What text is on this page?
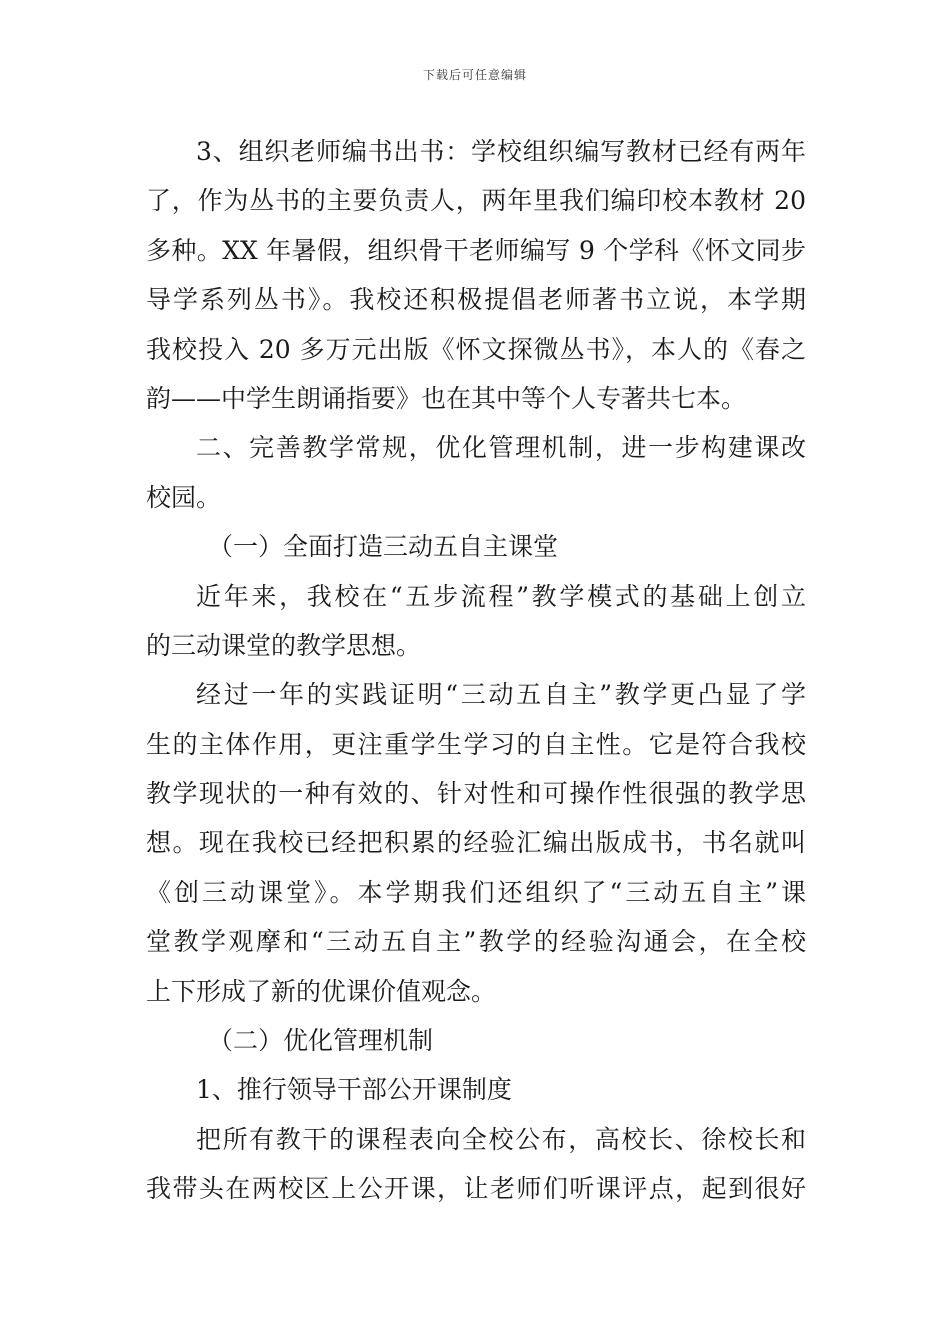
下载后可任意编辑
3、组织老师编书出书：学校组织编写教材已经有两年
了，作为丛书的主要负责人，两年里我们编印校本教材 20
多种。XX 年暑假，组织骨干老师编写 9 个学科《怀文同步
导学系列丛书》。我校还积极提倡老师著书立说，本学期
我校投入 20 多万元出版《怀文探微丛书》，本人的《春之
韵——中学生朗诵指要》也在其中等个人专著共七本。
二、完善教学常规，优化管理机制，进一步构建课改
校园。
（一）全面打造三动五自主课堂
近年来，我校在“五步流程”教学模式的基础上创立
的三动课堂的教学思想。
经过一年的实践证明“三动五自主”教学更凸显了学
生的主体作用，更注重学生学习的自主性。它是符合我校
教学现状的一种有效的、针对性和可操作性很强的教学思
想。现在我校已经把积累的经验汇编出版成书，书名就叫
《创三动课堂》。本学期我们还组织了“三动五自主”课
堂教学观摩和“三动五自主”教学的经验沟通会，在全校
上下形成了新的优课价值观念。
（二）优化管理机制
1、推行领导干部公开课制度
把所有教干的课程表向全校公布，高校长、徐校长和
我带头在两校区上公开课，让老师们听课评点，起到很好
